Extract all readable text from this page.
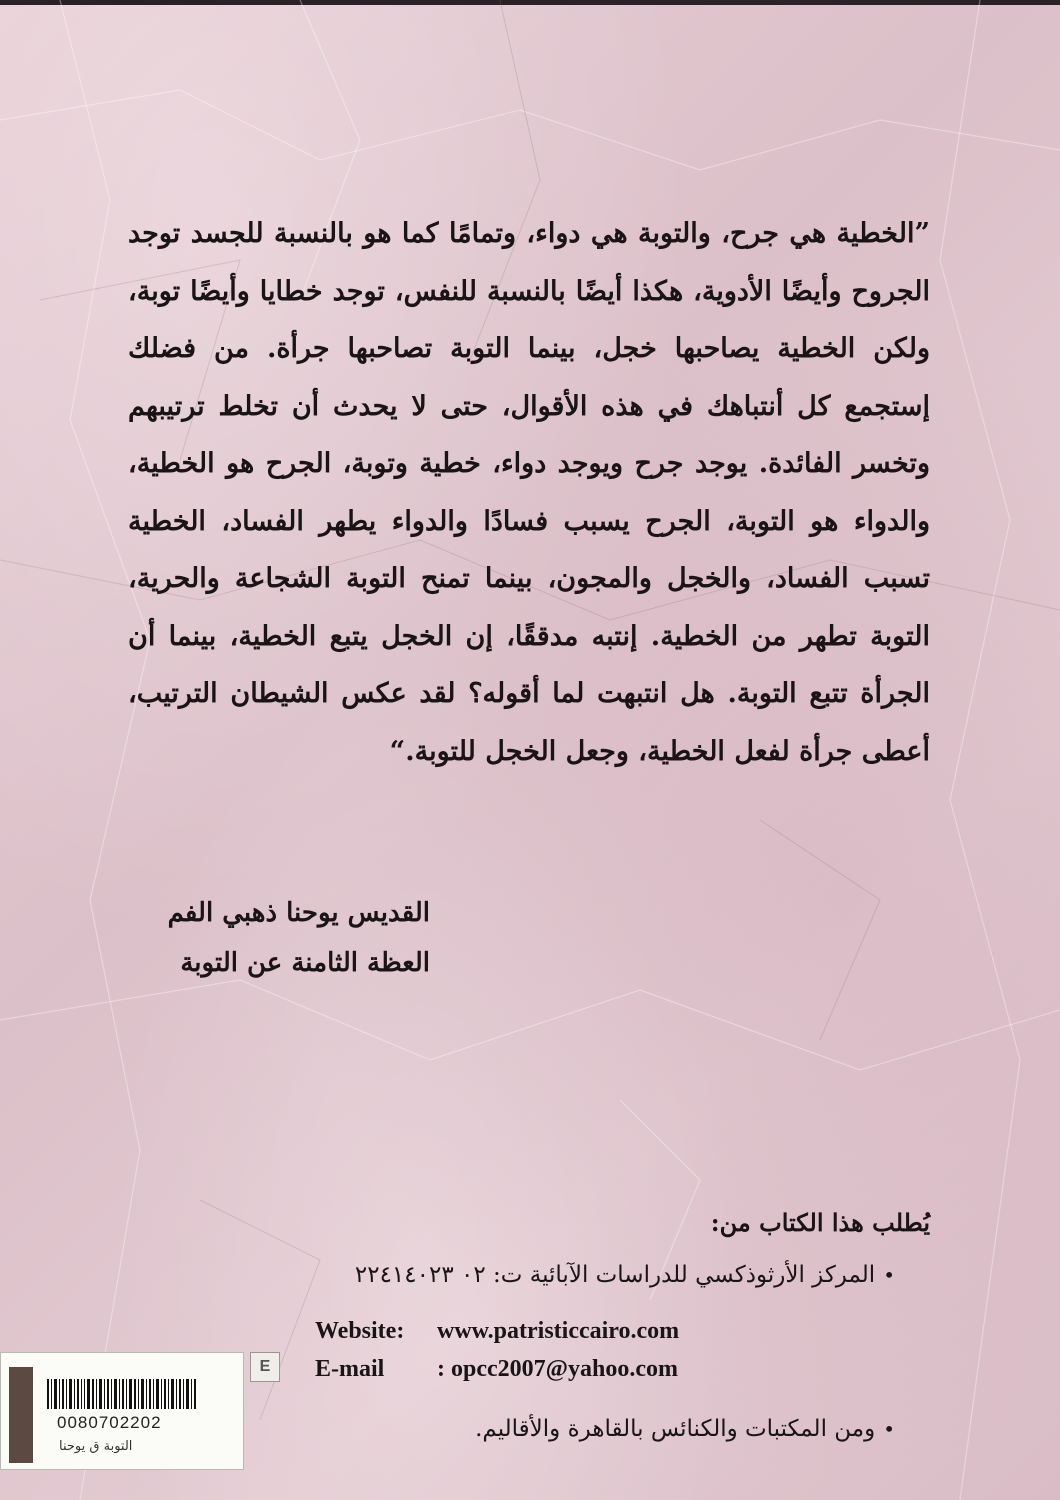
”الخطية هي جرح، والتوبة هي دواء، وتمامًا كما هو بالنسبة للجسد توجد الجروح وأيضًا الأدوية، هكذا أيضًا بالنسبة للنفس، توجد خطايا وأيضًا توبة، ولكن الخطية يصاحبها خجل، بينما التوبة تصاحبها جرأة. من فضلك إستجمع كل أنتباهك في هذه الأقوال، حتى لا يحدث أن تخلط ترتيبهم وتخسر الفائدة. يوجد جرح ويوجد دواء، خطية وتوبة، الجرح هو الخطية، والدواء هو التوبة، الجرح يسبب فسادًا والدواء يطهر الفساد، الخطية تسبب الفساد، والخجل والمجون، بينما تمنح التوبة الشجاعة والحرية، التوبة تطهر من الخطية. إنتبه مدققًا، إن الخجل يتبع الخطية، بينما أن الجرأة تتبع التوبة. هل انتبهت لما أقوله؟ لقد عكس الشيطان الترتيب، أعطى جرأة لفعل الخطية، وجعل الخجل للتوبة.“
القديس يوحنا ذهبي الفم
العظة الثامنة عن التوبة
يُطلب هذا الكتاب من:
•المركز الأرثوذكسي للدراسات الآبائية ت: ٠٢ ٢٢٤١٤٠٢٣
Website: www.patristiccairo.com
E-mail : opcc2007@yahoo.com
•ومن المكتبات والكنائس بالقاهرة والأقاليم.
0080702202
التوبة ق يوحنا
E
